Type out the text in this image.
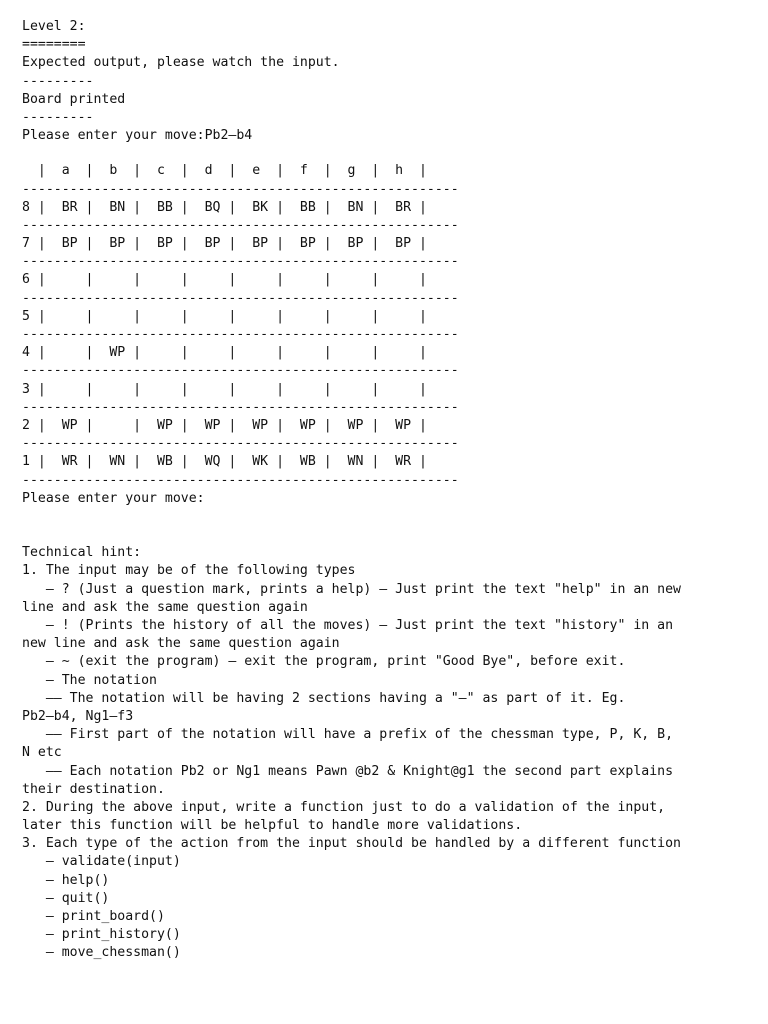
Level 2:
========
Expected output, please watch the input.
---------
Board printed
---------
Please enter your move:Pb2—b4
|  a  |  b  |  c  |  d  |  e  |  f  |  g  |  h  |
-------------------------------------------------------
8 |  BR |  BN |  BB |  BQ |  BK |  BB |  BN |  BR |
-------------------------------------------------------
7 |  BP |  BP |  BP |  BP |  BP |  BP |  BP |  BP |
-------------------------------------------------------
6 |     |     |     |     |     |     |     |     |
-------------------------------------------------------
5 |     |     |     |     |     |     |     |     |
-------------------------------------------------------
4 |     |  WP |     |     |     |     |     |     |
-------------------------------------------------------
3 |     |     |     |     |     |     |     |     |
-------------------------------------------------------
2 |  WP |     |  WP |  WP |  WP |  WP |  WP |  WP |
-------------------------------------------------------
1 |  WR |  WN |  WB |  WQ |  WK |  WB |  WN |  WR |
-------------------------------------------------------
Please enter your move:
Technical hint:
1. The input may be of the following types
— ? (Just a question mark, prints a help) — Just print the text "help" in an new
line and ask the same question again
— ! (Prints the history of all the moves) — Just print the text "history" in an
new line and ask the same question again
— ~ (exit the program) — exit the program, print "Good Bye", before exit.
— The notation
—— The notation will be having 2 sections having a "—" as part of it. Eg.
Pb2—b4, Ng1—f3
—— First part of the notation will have a prefix of the chessman type, P, K, B,
N etc
—— Each notation Pb2 or Ng1 means Pawn @b2 & Knight@g1 the second part explains
their destination.
2. During the above input, write a function just to do a validation of the input,
later this function will be helpful to handle more validations.
3. Each type of the action from the input should be handled by a different function
— validate(input)
— help()
— quit()
— print_board()
— print_history()
— move_chessman()
